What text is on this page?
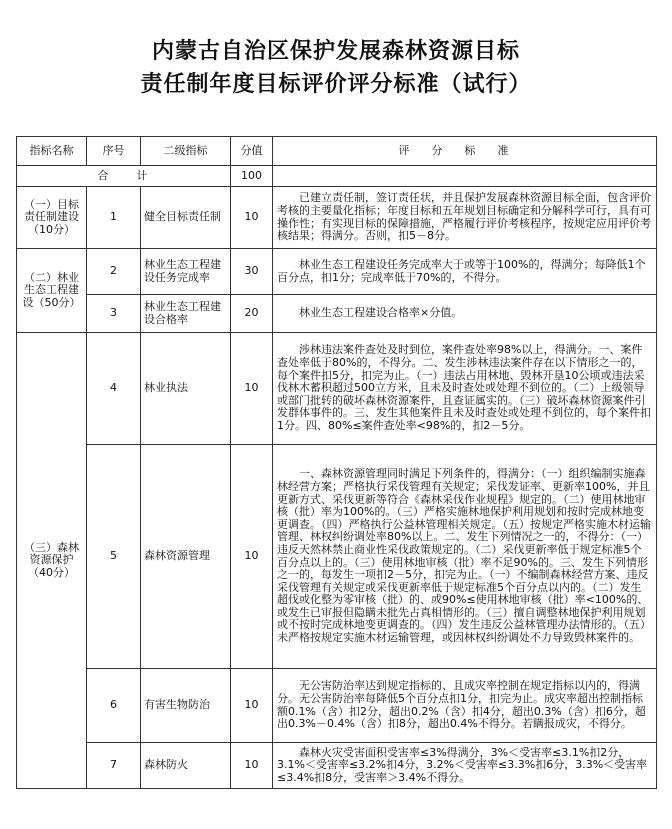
内蒙古自治区保护发展森林资源目标
责任制年度目标评价评分标准（试行）
指标名称	序号	二级指标	分值	评分标准
合　　计			100	
（一）目标责任制建设（10分）	1	健全目标责任制	10	已建立责任制，签订责任状，并且保护发展森林资源目标全面，包含评价考核的主要量化指标；年度目标和五年规划目标确定和分解科学可行，具有可操作性；有实现目标的保障措施，严格履行评价考核程序，按规定应用评价考核结果；得满分。否则，扣5－8分。
（二）林业生态工程建设（50分）	2	林业生态工程建设任务完成率	30	林业生态工程建设任务完成率大于或等于100%的，得满分；每降低1个百分点，扣1分；完成率低于70%的，不得分。
	3	林业生态工程建设合格率	20	林业生态工程建设合格率×分值。
（三）森林资源保护（40分）	4	林业执法	10	涉林违法案件查处及时到位，案件查处率98%以上，得满分。一、案件查处率低于80%的，不得分。二、发生涉林违法案件存在以下情形之一的，每个案件扣5分，扣完为止。（一）违法占用林地、毁林开垦10公顷或违法采伐林木蓄积超过500立方米，且未及时查处或处理不到位的。（二）上级领导或部门批转的破坏森林资源案件，且查证属实的。（三）破坏森林资源案件引发群体事件的。三、发生其他案件且未及时查处或处理不到位的，每个案件扣1分。四、80%≤案件查处率<98%的，扣2－5分。
	5	森林资源管理	10	一、森林资源管理同时满足下列条件的，得满分：（一）组织编制实施森林经营方案；严格执行采伐管理有关规定；采伐发证率、更新率100%，并且更新方式、采伐更新等符合《森林采伐作业规程》规定的。（二）使用林地审核（批）率为100%的。（三）严格实施林地保护利用规划和按时完成林地变更调查。（四）严格执行公益林管理相关规定。（五）按规定严格实施木材运输管理、林权纠纷调处率80%以上。二、发生下列情况之一的，不得分：（一）违反天然林禁止商业性采伐政策规定的。（二）采伐更新率低于规定标准5个百分点以上的。（三）使用林地审核（批）率不足90%的。三、发生下列情形之一的，每发生一项扣2－5分，扣完为止。（一）不编制森林经营方案、违反采伐管理有关规定或采伐更新率低于规定标准5个百分点以内的。（二）发生超伐或化整为零审核（批）的、或90%≤使用林地审核（批）率<100%的、或发生已审报但隐瞒未批先占真相情形的。（三）擅自调整林地保护利用规划或不按时完成林地变更调查的。（四）发生违反公益林管理办法情形的。（五）未严格按规定实施木材运输管理，或因林权纠纷调处不力导致毁林案件的。
	6	有害生物防治	10	无公害防治率达到规定指标的、且成灾率控制在规定指标以内的，得满分。无公害防治率每降低5个百分点扣1分，扣完为止。成灾率超出控制指标额0.1%（含）扣2分，超出0.2%（含）扣4分，超出0.3%（含）扣6分，超出0.3%－0.4%（含）扣8分，超出0.4%不得分。若瞒报成灾，不得分。
	7	森林防火	10	森林火灾受害面积受害率≤3%得满分，3%＜受害率≤3.1%扣2分，3.1%＜受害率≤3.2%扣4分，3.2%＜受害率≤3.3%扣6分，3.3%＜受害率≤3.4%扣8分，受害率＞3.4%不得分。
